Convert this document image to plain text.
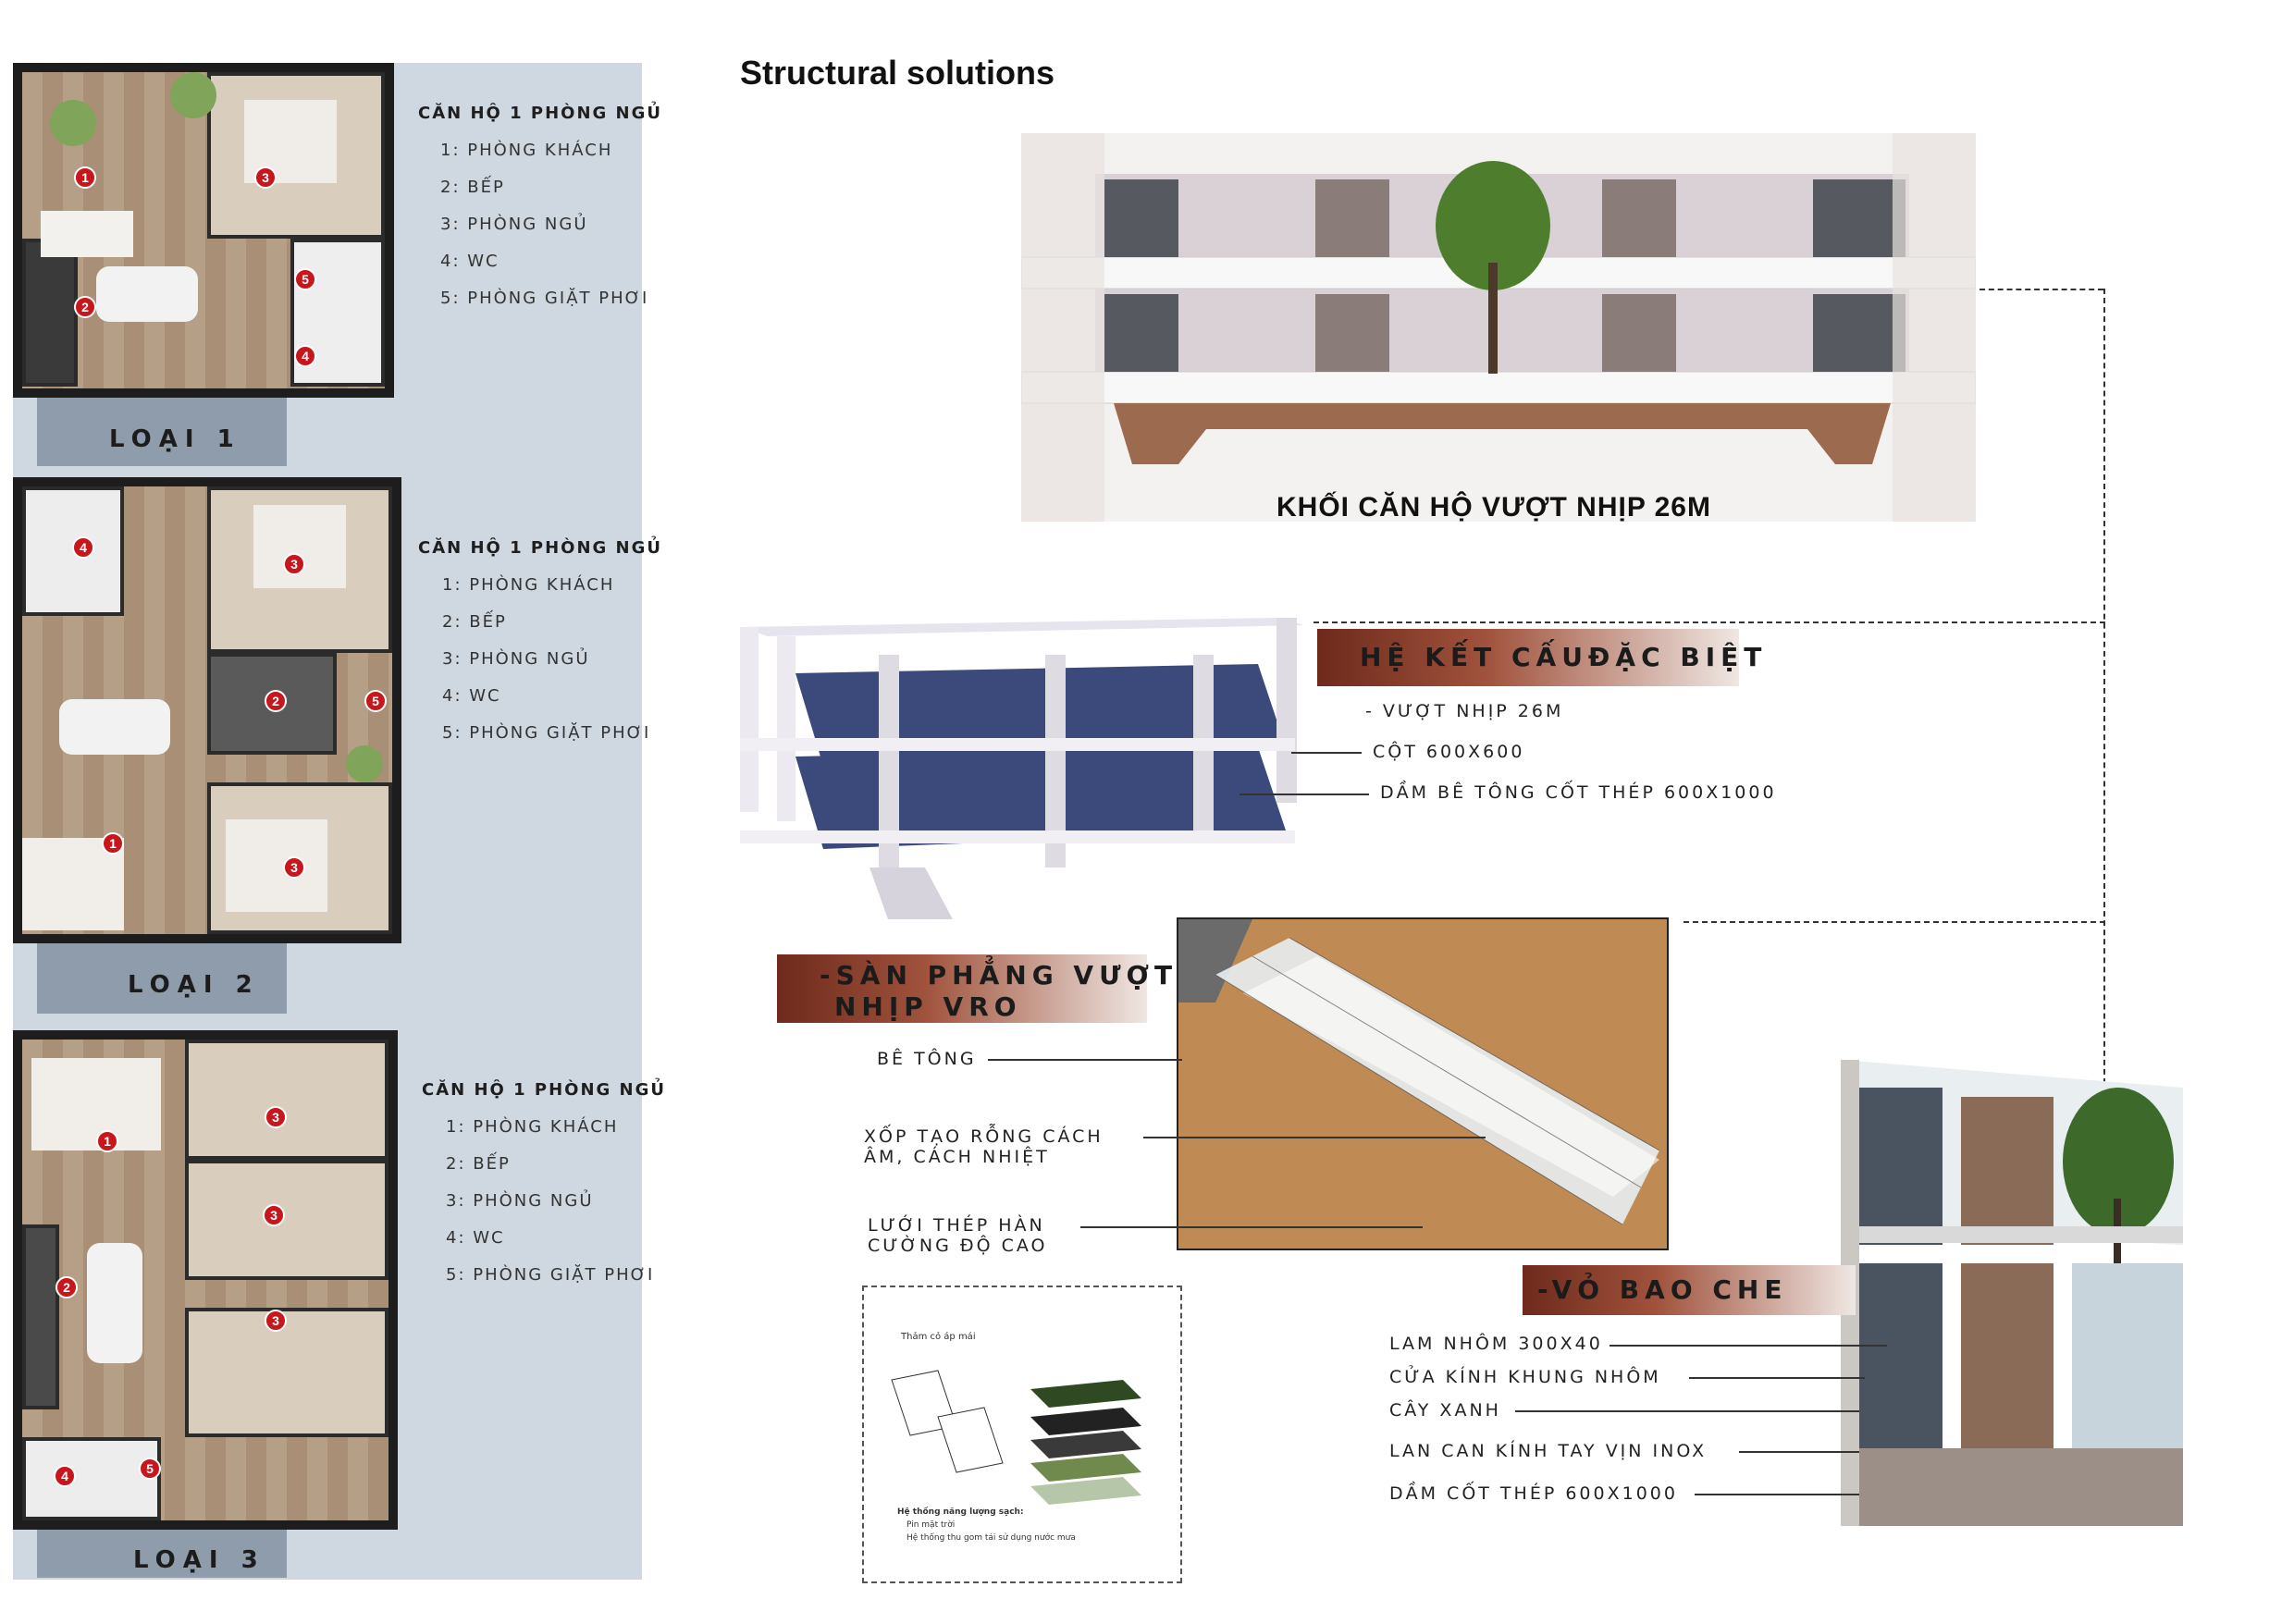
LOẠI 1
1
2
3
4
5
CĂN HỘ 1 PHÒNG NGỦ
1: PHÒNG KHÁCH
2: BẾP
3: PHÒNG NGỦ
4: WC
5: PHÒNG GIẶT PHƠI
LOẠI 2
4
3
2	5
1
3
CĂN HỘ 1 PHÒNG NGỦ
1: PHÒNG KHÁCH
2: BẾP
3: PHÒNG NGỦ
4: WC
5: PHÒNG GIẶT PHƠI
LOẠI 3
1
3
3
2
3
4	5
CĂN HỘ 1 PHÒNG NGỦ
1: PHÒNG KHÁCH
2: BẾP
3: PHÒNG NGỦ
4: WC
5: PHÒNG GIẶT PHƠI
Structural solutions
KHỐI CĂN HỘ VƯỢT NHỊP 26M
HỆ KẾT CẤUĐẶC BIỆT
- VƯỢT NHỊP 26M
CỘT 600X600
DẦM BÊ TÔNG CỐT THÉP 600X1000
-SÀN PHẲNG VƯỢT
NHỊP VRO
BÊ TÔNG
XỐP TẠO RỖNG CÁCH
ÂM, CÁCH NHIỆT
LƯỚI THÉP HÀN
CƯỜNG ĐỘ CAO
Thảm cỏ áp mái
Hệ thống năng lượng sạch:
Pin mặt trời
Hệ thống thu gom tái sử dụng nước mưa
-VỎ BAO CHE
LAM NHÔM 300X40
CỬA KÍNH KHUNG NHÔM
CÂY XANH
LAN CAN KÍNH TAY VỊN INOX
DẦM CỐT THÉP 600X1000
